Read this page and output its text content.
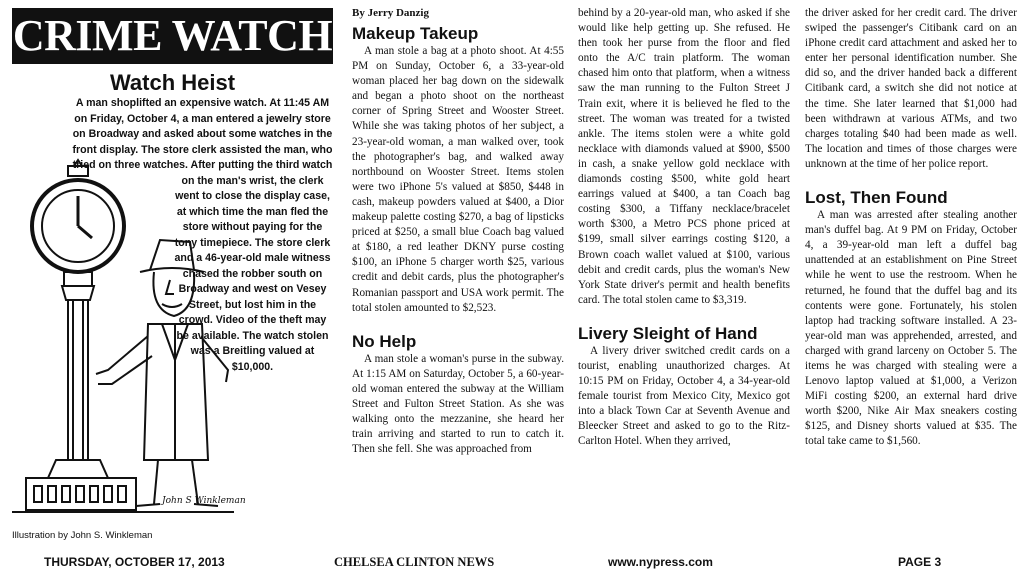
CRIME WATCH
Watch Heist
A man shoplifted an expensive watch. At 11:45 AM on Friday, October 4, a man entered a jewelry store on Broadway and asked about some watches in the front display. The store clerk assisted the man, who tried on three watches. After putting the third watch on the man's wrist, the clerk went to close the display case, at which time the man fled the store without paying for the tony timepiece. The store clerk and a 46-year-old male witness chased the robber south on Broadway and west on Vesey Street, but lost him in the crowd. Video of the theft may be available. The watch stolen was a Breitling valued at $10,000.
John S Winkleman
Illustration by John S. Winkleman
By Jerry Danzig
Makeup Takeup

A man stole a bag at a photo shoot. At 4:55 PM on Sunday, October 6, a 33-year-old woman placed her bag down on the sidewalk and began a photo shoot on the northeast corner of Spring Street and Wooster Street. While she was taking photos of her subject, a 23-year-old woman, a man walked over, took the photographer's bag, and walked away northbound on Wooster Street. Items stolen were two iPhone 5's valued at $850, $448 in cash, makeup powders valued at $400, a Dior makeup palette costing $270, a bag of lipsticks priced at $250, a small blue Coach bag valued at $180, a red leather DKNY purse costing $100, an iPhone 5 charger worth $25, various credit and debit cards, plus the photographer's Romanian passport and USA work permit. The total stolen amounted to $2,523.

No Help

A man stole a woman's purse in the subway. At 1:15 AM on Saturday, October 5, a 60-year-old woman entered the subway at the William Street and Fulton Street Station. As she was walking onto the mezzanine, she heard her train arriving and started to run to catch it. Then she fell. She was approached from

behind by a 20-year-old man, who asked if she would like help getting up. She refused. He then took her purse from the floor and fled onto the A/C train platform. The woman chased him onto that platform, when a witness saw the man running to the Fulton Street J Train exit, where it is believed he fled to the street. The woman was treated for a twisted ankle. The items stolen were a white gold necklace with diamonds valued at $900, $500 in cash, a snake yellow gold necklace with diamonds costing $500, white gold heart earrings valued at $400, a tan Coach bag costing $300, a Tiffany necklace/bracelet worth $300, a Metro PCS phone priced at $199, small silver earrings costing $120, a Brown coach wallet valued at $100, various debit and credit cards, plus the woman's New York State driver's permit and health benefits card. The total stolen came to $3,319.

Livery Sleight of Hand

A livery driver switched credit cards on a tourist, enabling unauthorized charges. At 10:15 PM on Friday, October 4, a 34-year-old female tourist from Mexico City, Mexico got into a black Town Car at Seventh Avenue and Bleecker Street and asked to go to the Ritz-Carlton Hotel. When they arrived,

the driver asked for her credit card. The driver swiped the passenger's Citibank card on an iPhone credit card attachment and asked her to enter her personal identification number. She did so, and the driver handed back a different Citibank card, a switch she did not notice at the time. She later learned that $1,000 had been withdrawn at various ATMs, and two charges totaling $40 had been made as well. The location and times of those charges were unknown at the time of her police report.

Lost, Then Found

A man was arrested after stealing another man's duffel bag. At 9 PM on Friday, October 4, a 39-year-old man left a duffel bag unattended at an establishment on Pine Street while he went to use the restroom. When he returned, he found that the duffel bag and its contents were gone. Fortunately, his stolen laptop had tracking software installed. A 23-year-old man was apprehended, arrested, and charged with grand larceny on October 5. The items he was charged with stealing were a Lenovo laptop valued at $1,000, a Verizon MiFi costing $200, an external hard drive worth $200, Nike Air Max sneakers costing $125, and Disney shorts valued at $35. The total take came to $1,560.

THURSDAY, OCTOBER 17, 2013	CHELSEA CLINTON NEWS	www.nypress.com	PAGE 3
